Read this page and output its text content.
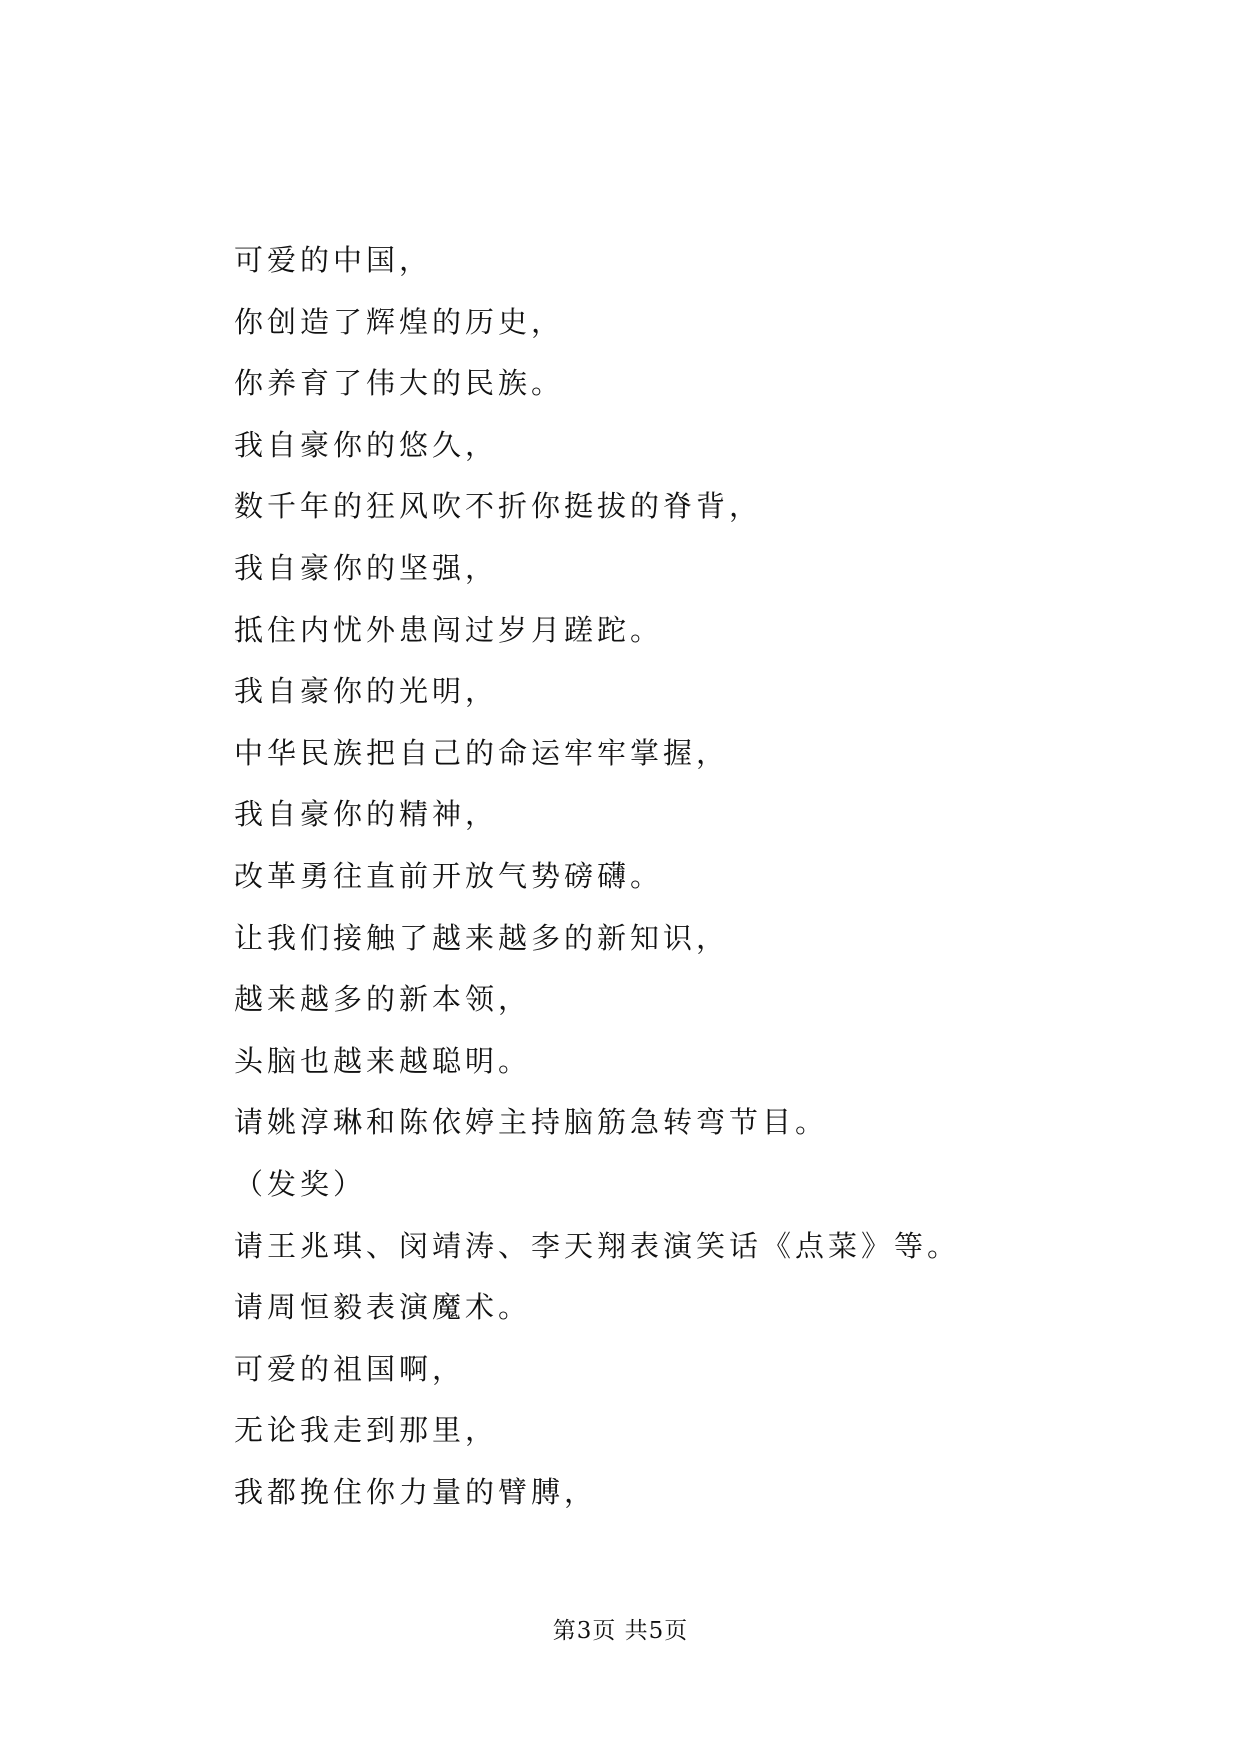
可爱的中国，
你创造了辉煌的历史，
你养育了伟大的民族。
我自豪你的悠久，
数千年的狂风吹不折你挺拔的脊背，
我自豪你的坚强，
抵住内忧外患闯过岁月蹉跎。
我自豪你的光明，
中华民族把自己的命运牢牢掌握，
我自豪你的精神，
改革勇往直前开放气势磅礴。
让我们接触了越来越多的新知识，
越来越多的新本领，
头脑也越来越聪明。
请姚淳琳和陈依婷主持脑筋急转弯节目。
（发奖）
请王兆琪、闵靖涛、李天翔表演笑话《点菜》等。
请周恒毅表演魔术。
可爱的祖国啊，
无论我走到那里，
我都挽住你力量的臂膊，
第3页 共5页
